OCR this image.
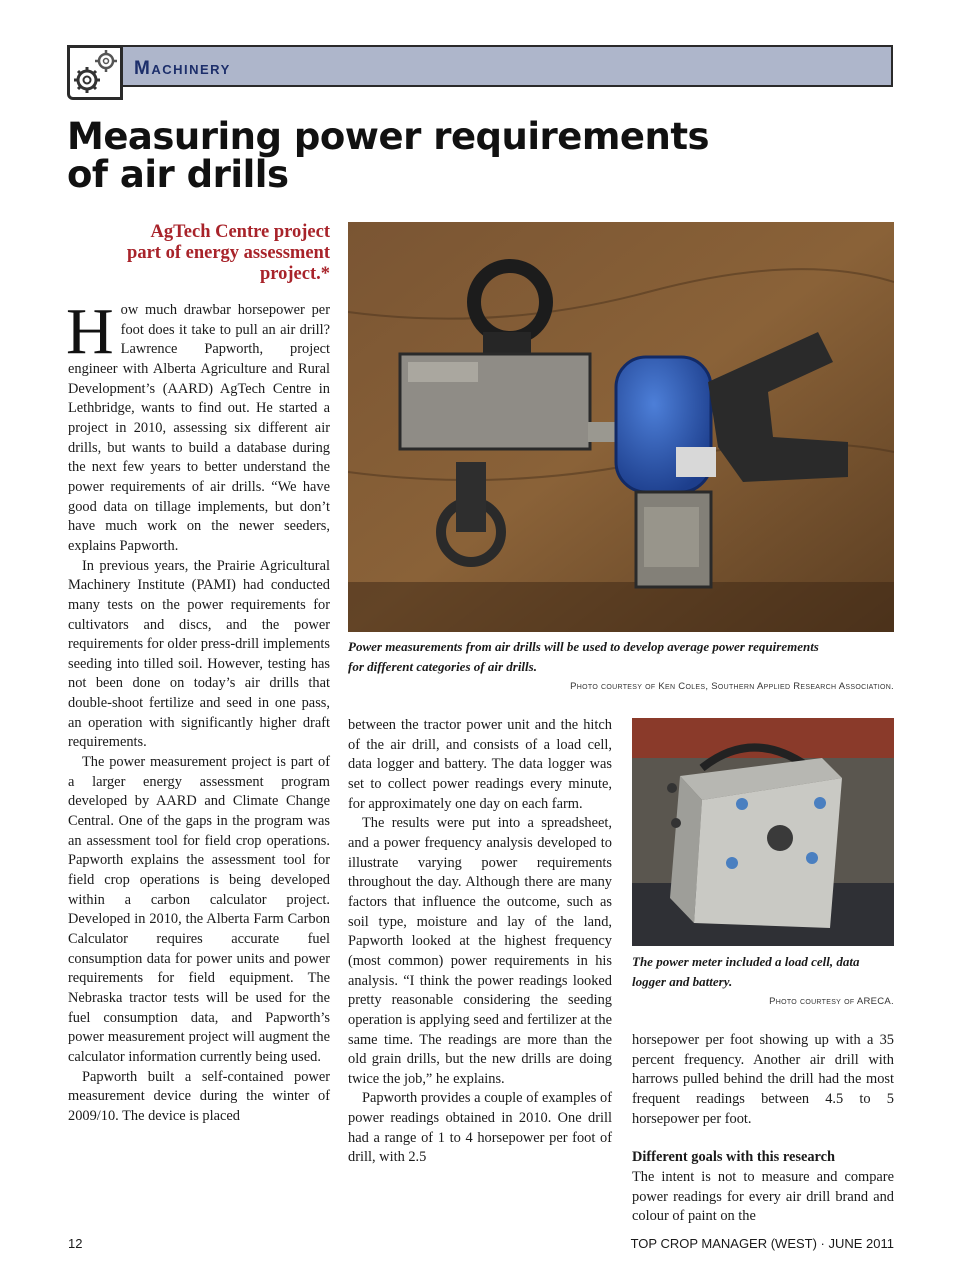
Machinery
Measuring power requirements
of air drills
AgTech Centre project
part of energy assessment
project.*

How much drawbar horsepower per foot does it take to pull an air drill? Lawrence Papworth, project engineer with Alberta Agriculture and Rural Development’s (AARD) AgTech Centre in Lethbridge, wants to find out. He started a project in 2010, assessing six different air drills, but wants to build a database during the next few years to better understand the power requirements of air drills. “We have good data on tillage implements, but don’t have much work on the newer seeders, explains Papworth.

In previous years, the Prairie Agricultural Machinery Institute (PAMI) had conducted many tests on the power requirements for cultivators and discs, and the power requirements for older press-drill implements seeding into tilled soil. However, testing has not been done on today’s air drills that double-shoot fertilize and seed in one pass, an operation with significantly higher draft requirements.

The power measurement project is part of a larger energy assessment program developed by AARD and Climate Change Central. One of the gaps in the program was an assessment tool for field crop operations. Papworth explains the assessment tool for field crop operations is being developed within a carbon calculator project. Developed in 2010, the Alberta Farm Carbon Calculator requires accurate fuel consumption data for power units and power requirements for field equipment. The Nebraska tractor tests will be used for the fuel consumption data, and Papworth’s power measurement project will augment the calculator information currently being used.

Papworth built a self-contained power measurement device during the winter of 2009/10. The device is placed

Power measurements from air drills will be used to develop average power requirements
for different categories of air drills.
Photo courtesy of Ken Coles, Southern Applied Research Association.

between the tractor power unit and the hitch of the air drill, and consists of a load cell, data logger and battery. The data logger was set to collect power readings every minute, for approximately one day on each farm.

The results were put into a spreadsheet, and a power frequency analysis developed to illustrate varying power requirements throughout the day. Although there are many factors that influence the outcome, such as soil type, moisture and lay of the land, Papworth looked at the highest frequency (most common) power requirements in his analysis. “I think the power readings looked pretty reasonable considering the seeding operation is applying seed and fertilizer at the same time. The readings are more than the old grain drills, but the new drills are doing twice the job,” he explains.

Papworth provides a couple of examples of power readings obtained in 2010. One drill had a range of 1 to 4 horsepower per foot of drill, with 2.5

The power meter included a load cell, data
logger and battery.
Photo courtesy of ARECA.

horsepower per foot showing up with a 35 percent frequency. Another air drill with harrows pulled behind the drill had the most frequent readings between 4.5 to 5 horsepower per foot.

Different goals with this research

The intent is not to measure and compare power readings for every air drill brand and colour of paint on the

12	TOP CROP MANAGER (WEST) · JUNE 2011
